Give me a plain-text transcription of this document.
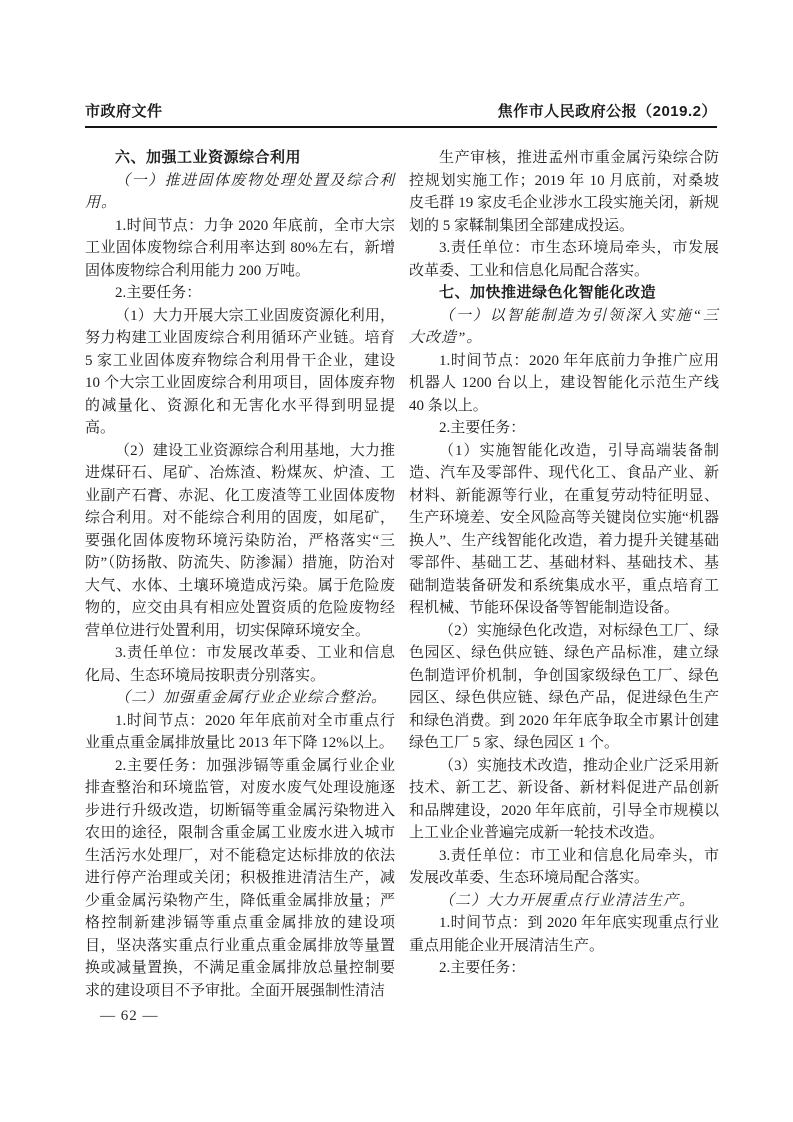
市政府文件	焦作市人民政府公报（2019.2）

六、加强工业资源综合利用

（一）推进固体废物处理处置及综合利用。

1.时间节点：力争 2020 年底前，全市大宗工业固体废物综合利用率达到 80%左右，新增固体废物综合利用能力 200 万吨。

2.主要任务：

（1）大力开展大宗工业固废资源化利用，努力构建工业固废综合利用循环产业链。培育 5 家工业固体废弃物综合利用骨干企业，建设 10 个大宗工业固废综合利用项目，固体废弃物的减量化、资源化和无害化水平得到明显提高。

（2）建设工业资源综合利用基地，大力推进煤矸石、尾矿、冶炼渣、粉煤灰、炉渣、工业副产石膏、赤泥、化工废渣等工业固体废物综合利用。对不能综合利用的固废，如尾矿，要强化固体废物环境污染防治，严格落实“三防”（防扬散、防流失、防渗漏）措施，防治对大气、水体、土壤环境造成污染。属于危险废物的，应交由具有相应处置资质的危险废物经营单位进行处置利用，切实保障环境安全。

3.责任单位：市发展改革委、工业和信息化局、生态环境局按职责分别落实。

（二）加强重金属行业企业综合整治。

1.时间节点：2020 年年底前对全市重点行业重点重金属排放量比 2013 年下降 12%以上。

2.主要任务：加强涉镉等重金属行业企业排查整治和环境监管，对废水废气处理设施逐步进行升级改造，切断镉等重金属污染物进入农田的途径，限制含重金属工业废水进入城市生活污水处理厂，对不能稳定达标排放的依法进行停产治理或关闭；积极推进清洁生产，减少重金属污染物产生，降低重金属排放量；严格控制新建涉镉等重点重金属排放的建设项目，坚决落实重点行业重点重金属排放等量置换或减量置换，不满足重金属排放总量控制要求的建设项目不予审批。全面开展强制性清洁

生产审核，推进孟州市重金属污染综合防控规划实施工作；2019 年 10 月底前，对桑坡皮毛群 19 家皮毛企业涉水工段实施关闭，新规划的 5 家鞣制集团全部建成投运。

3.责任单位：市生态环境局牵头，市发展改革委、工业和信息化局配合落实。

七、加快推进绿色化智能化改造

（一）以智能制造为引领深入实施“三大改造”。

1.时间节点：2020 年年底前力争推广应用机器人 1200 台以上，建设智能化示范生产线 40 条以上。

2.主要任务：

（1）实施智能化改造，引导高端装备制造、汽车及零部件、现代化工、食品产业、新材料、新能源等行业，在重复劳动特征明显、生产环境差、安全风险高等关键岗位实施“机器换人”、生产线智能化改造，着力提升关键基础零部件、基础工艺、基础材料、基础技术、基础制造装备研发和系统集成水平，重点培育工程机械、节能环保设备等智能制造设备。

（2）实施绿色化改造，对标绿色工厂、绿色园区、绿色供应链、绿色产品标准，建立绿色制造评价机制，争创国家级绿色工厂、绿色园区、绿色供应链、绿色产品，促进绿色生产和绿色消费。到 2020 年年底争取全市累计创建绿色工厂 5 家、绿色园区 1 个。

（3）实施技术改造，推动企业广泛采用新技术、新工艺、新设备、新材料促进产品创新和品牌建设，2020 年年底前，引导全市规模以上工业企业普遍完成新一轮技术改造。

3.责任单位：市工业和信息化局牵头，市发展改革委、生态环境局配合落实。

（二）大力开展重点行业清洁生产。

1.时间节点：到 2020 年年底实现重点行业重点用能企业开展清洁生产。

2.主要任务：

— 62 —
